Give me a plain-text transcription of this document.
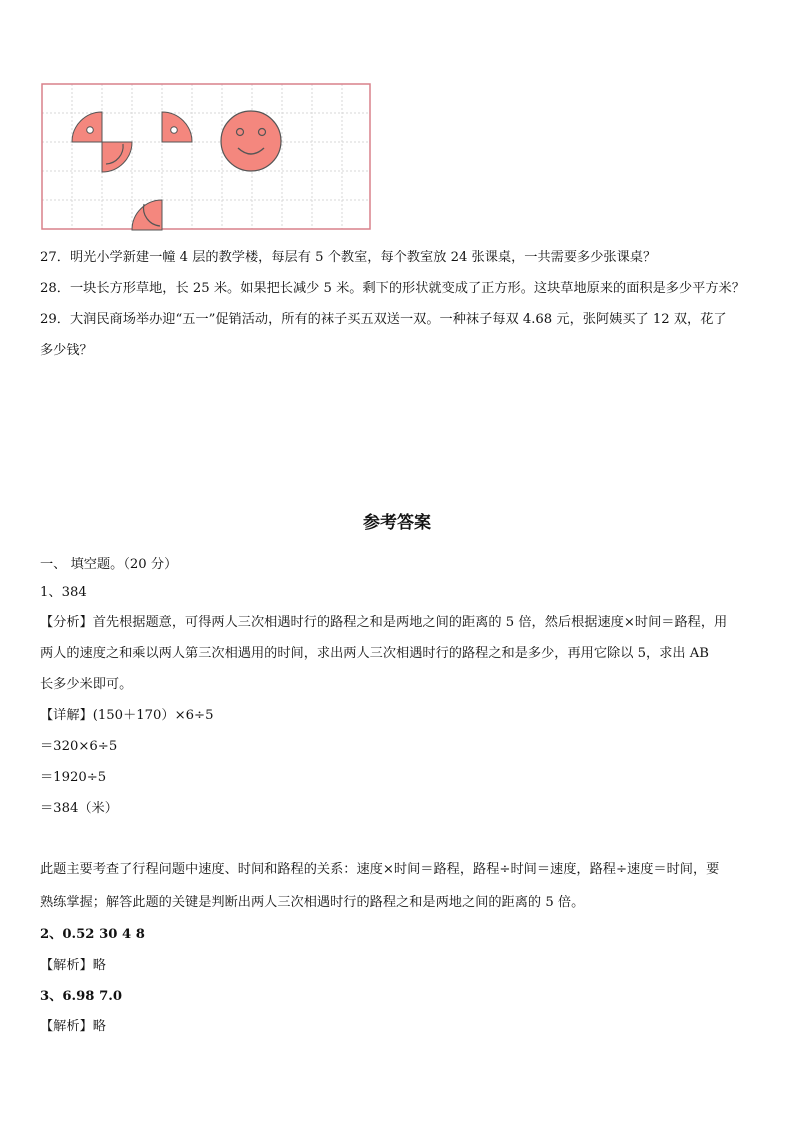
27．明光小学新建一幢 4 层的教学楼，每层有 5 个教室，每个教室放 24 张课桌，一共需要多少张课桌？
28．一块长方形草地，长 25 米。如果把长减少 5 米。剩下的形状就变成了正方形。这块草地原来的面积是多少平方米？
29．大润民商场举办迎“五一”促销活动，所有的袜子买五双送一双。一种袜子每双 4.68 元，张阿姨买了 12 双，花了
多少钱？
参考答案
一、 填空题。（20 分）
1、384
【分析】首先根据题意，可得两人三次相遇时行的路程之和是两地之间的距离的 5 倍，然后根据速度×时间＝路程，用
两人的速度之和乘以两人第三次相遇用的时间，求出两人三次相遇时行的路程之和是多少，再用它除以 5，求出 AB
长多少米即可。
【详解】(150＋170）×6÷5
＝320×6÷5
＝1920÷5
＝384（米）
此题主要考查了行程问题中速度、时间和路程的关系：速度×时间＝路程，路程÷时间＝速度，路程÷速度＝时间，要
熟练掌握；解答此题的关键是判断出两人三次相遇时行的路程之和是两地之间的距离的 5 倍。
2、0.52 30 4 8
【解析】略
3、6.98 7.0
【解析】略
